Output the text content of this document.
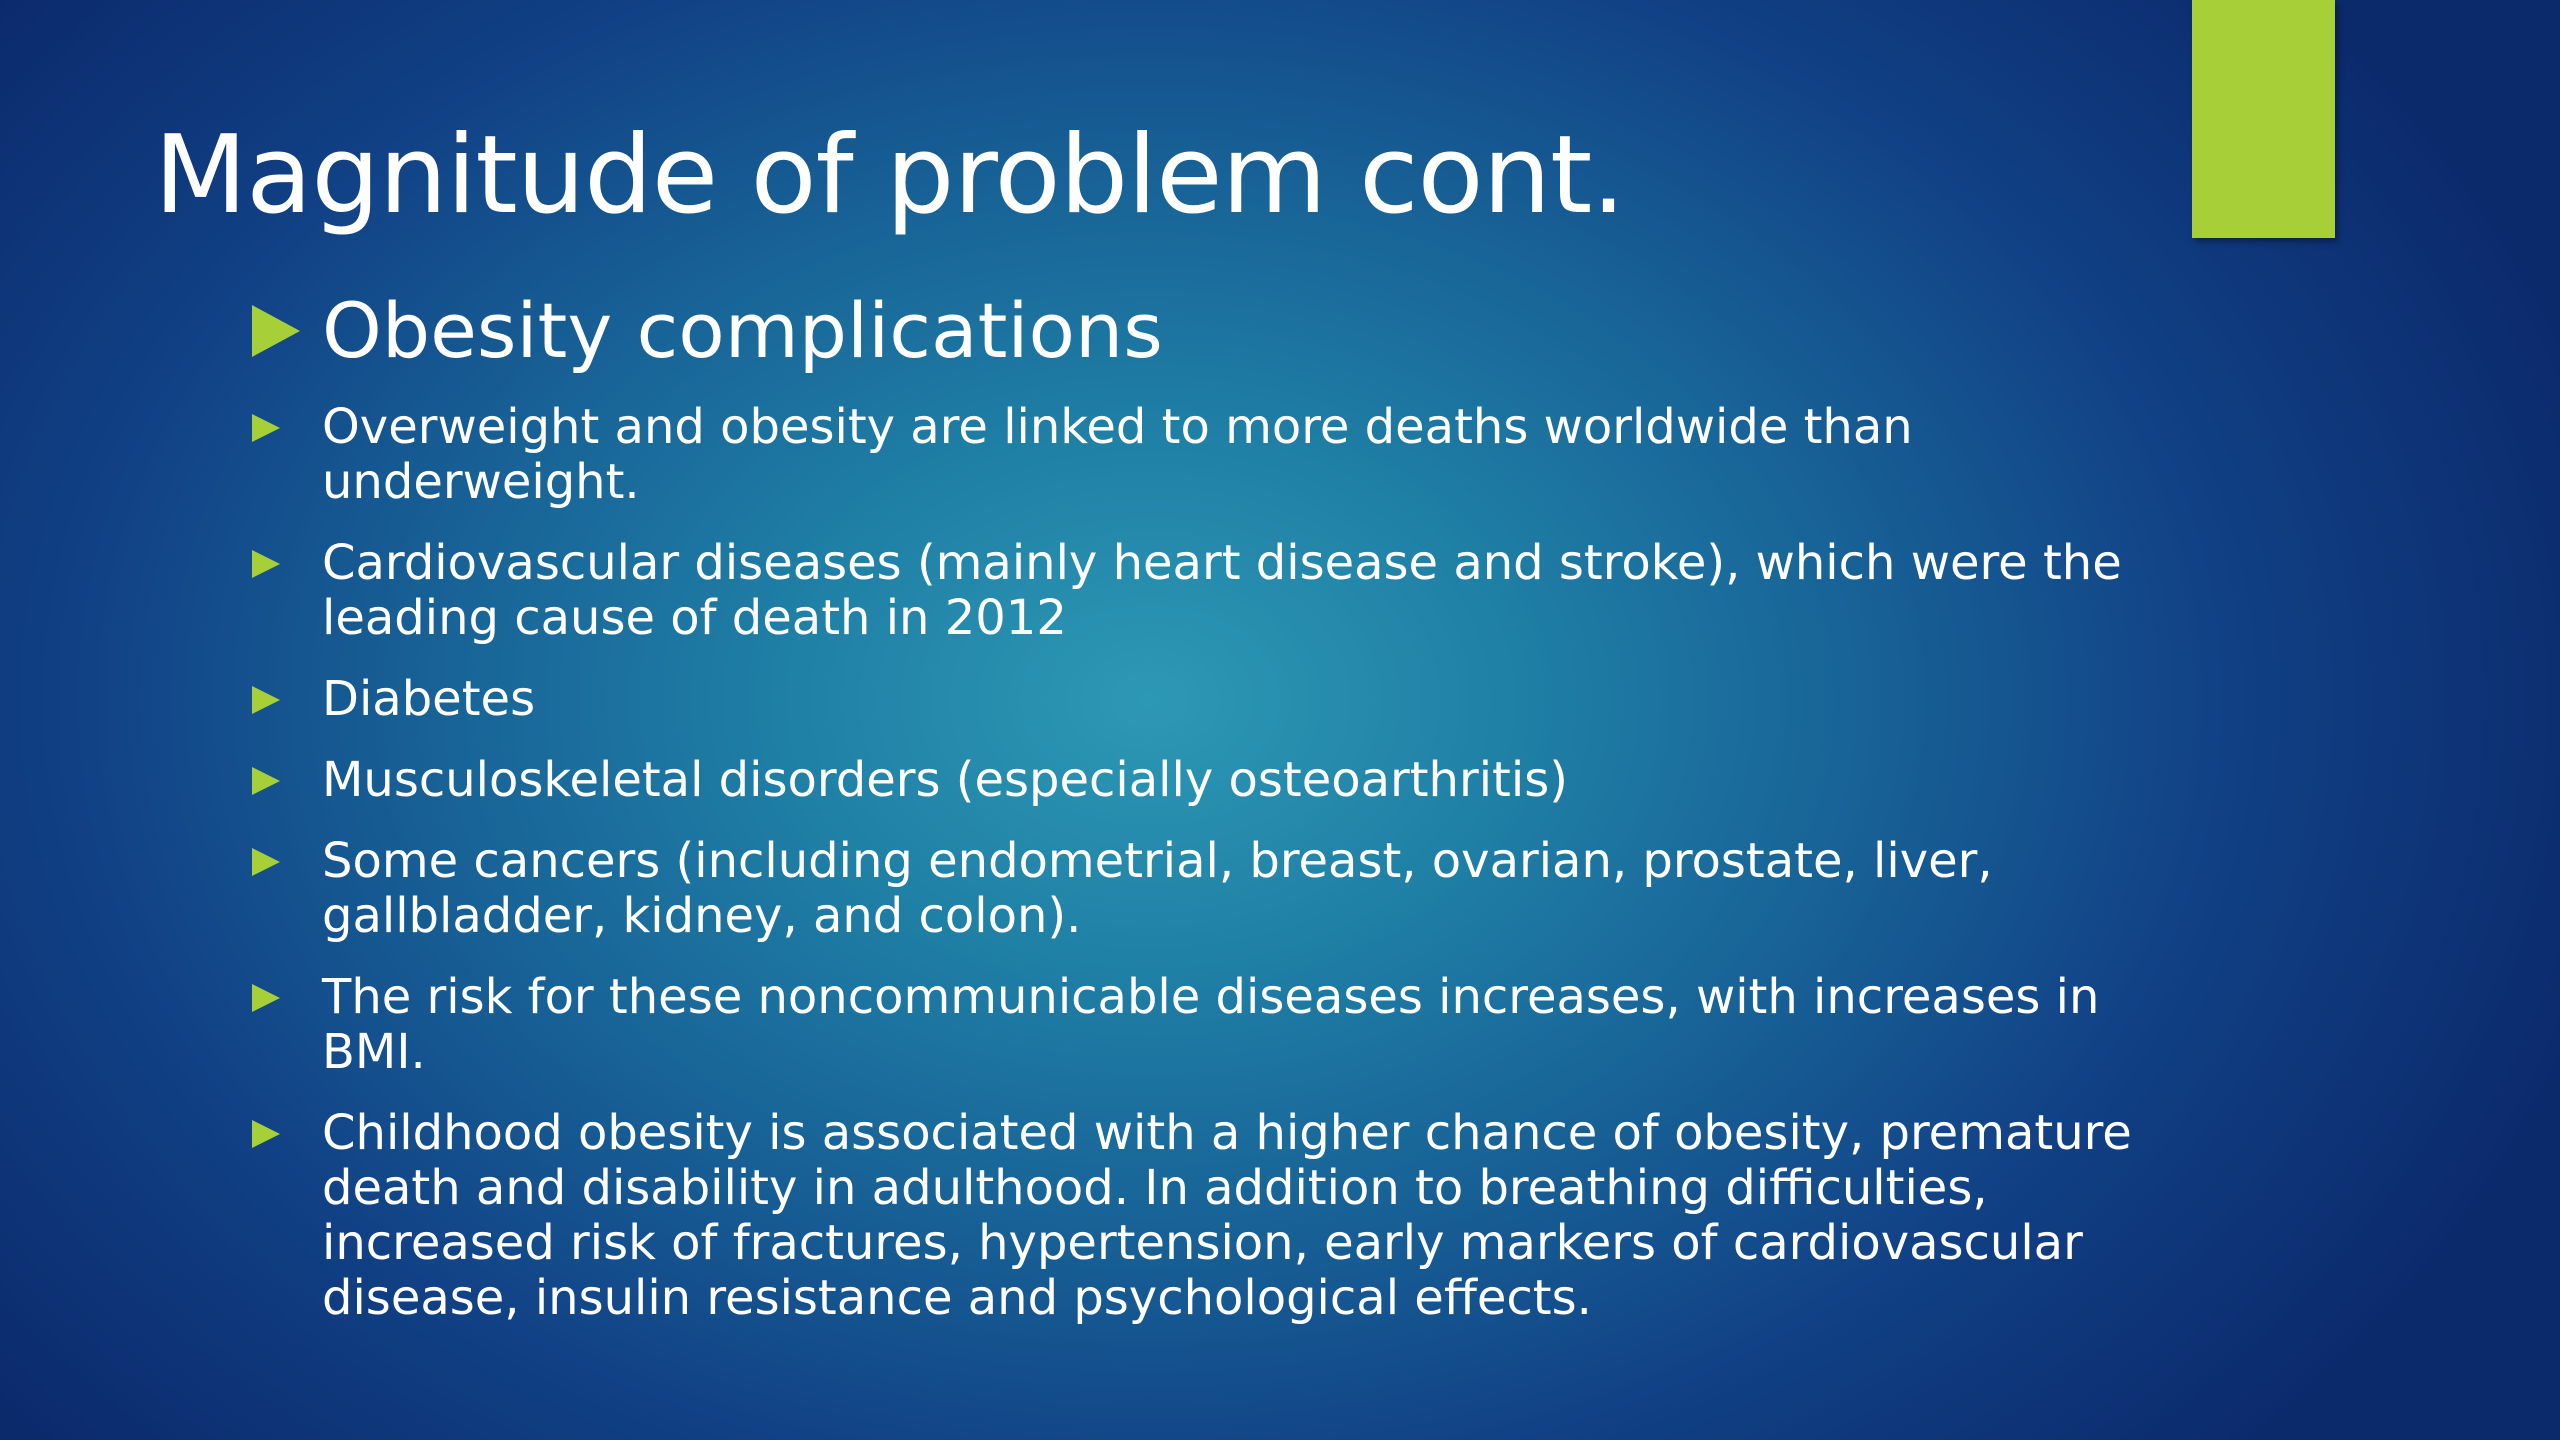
Magnitude of problem cont.
Obesity complications
Overweight and obesity are linked to more deaths worldwide than underweight.
Cardiovascular diseases (mainly heart disease and stroke), which were the leading cause of death in 2012
Diabetes
Musculoskeletal disorders (especially osteoarthritis)
Some cancers (including endometrial, breast, ovarian, prostate, liver, gallbladder, kidney, and colon).
The risk for these noncommunicable diseases increases, with increases in BMI.
Childhood obesity is associated with a higher chance of obesity, premature death and disability in adulthood. In addition to breathing difficulties, increased risk of fractures, hypertension, early markers of cardiovascular disease, insulin resistance and psychological effects.
